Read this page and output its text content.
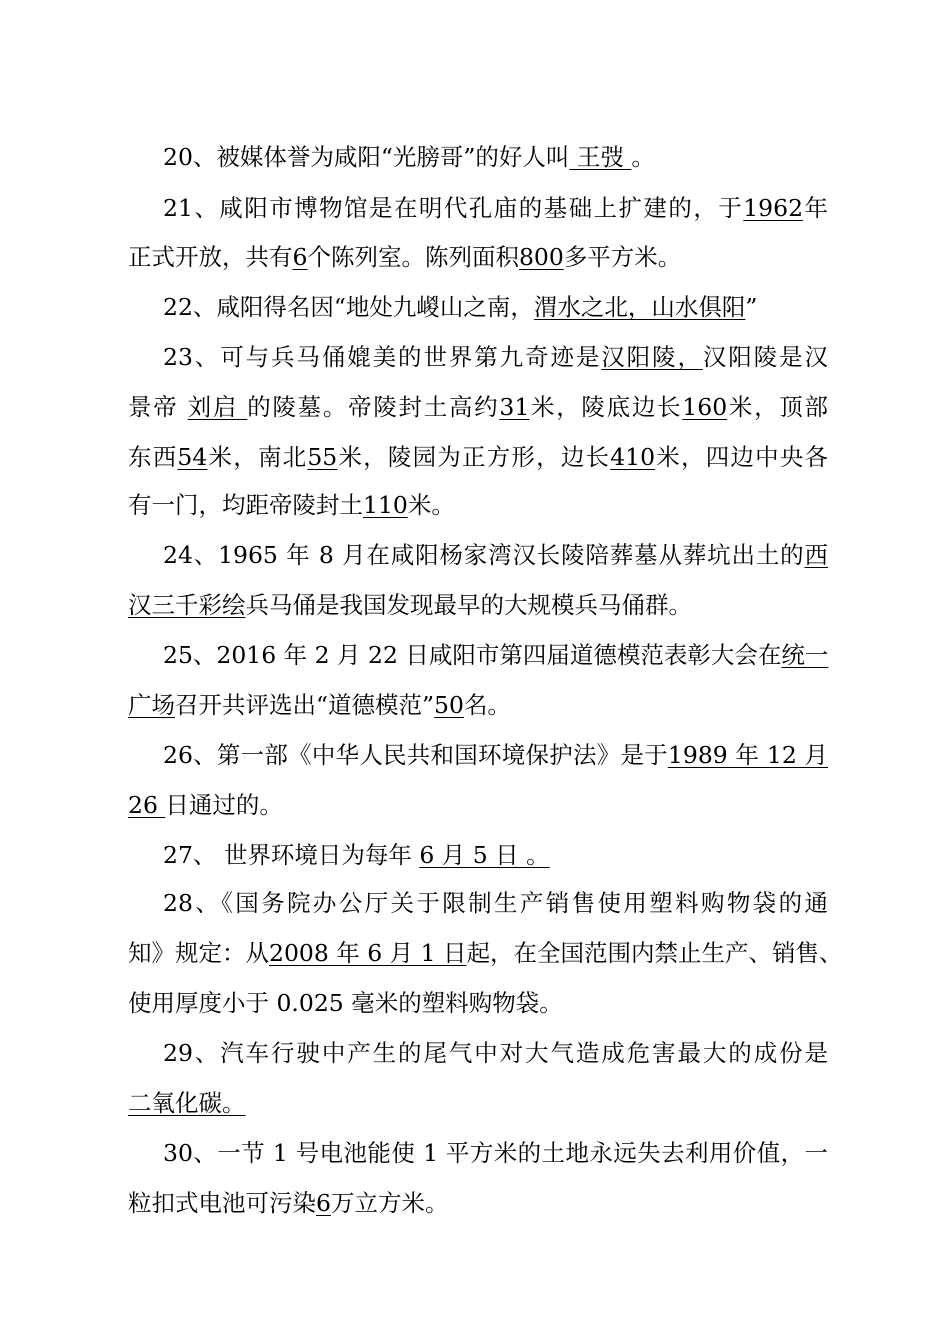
20、被媒体誉为咸阳“光膀哥”的好人叫 王弢 。
21、咸阳市博物馆是在明代孔庙的基础上扩建的，于1962年
正式开放，共有6个陈列室。陈列面积800多平方米。
22、咸阳得名因“地处九嵕山之南，渭水之北，山水俱阳”
23、可与兵马俑媲美的世界第九奇迹是汉阳陵，汉阳陵是汉
景帝 刘启 的陵墓。帝陵封土高约31米，陵底边长160米，顶部
东西54米，南北55米，陵园为正方形，边长410米，四边中央各
有一门，均距帝陵封土110米。
24、1965 年 8 月在咸阳杨家湾汉长陵陪葬墓从葬坑出土的西
汉三千彩绘兵马俑是我国发现最早的大规模兵马俑群。
25、2016 年 2 月 22 日咸阳市第四届道德模范表彰大会在统一
广场召开共评选出“道德模范”50名。
26、第一部《中华人民共和国环境保护法》是于1989 年 12 月
26 日通过的。
27、 世界环境日为每年 6 月 5 日 。
28、《国务院办公厅关于限制生产销售使用塑料购物袋的通
知》规定：从2008 年 6 月 1 日起，在全国范围内禁止生产、销售、
使用厚度小于 0.025 毫米的塑料购物袋。
29、汽车行驶中产生的尾气中对大气造成危害最大的成份是
二氧化碳。
30、一节 1 号电池能使 1 平方米的土地永远失去利用价值，一
粒扣式电池可污染6万立方米。
